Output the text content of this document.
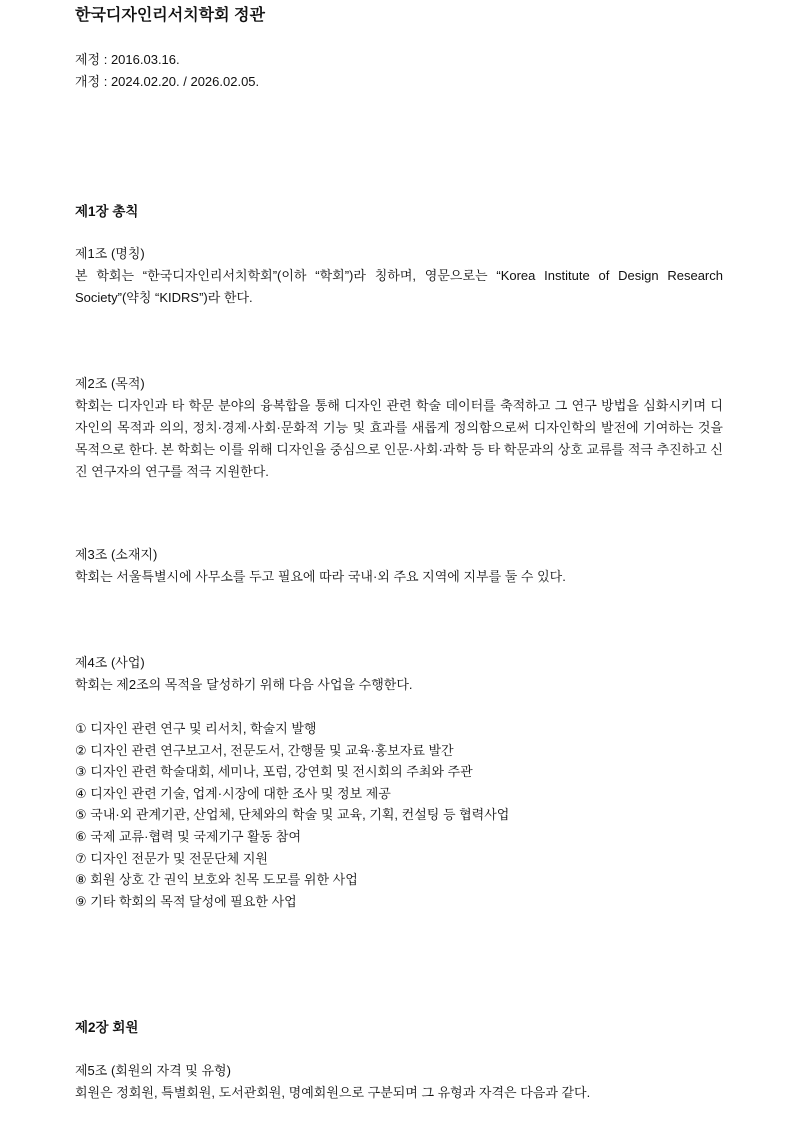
한국디자인리서치학회 정관
제정 : 2016.03.16.
개정 : 2024.02.20. / 2026.02.05.
제1장 총칙
제1조 (명칭)
본 학회는 “한국디자인리서치학회”(이하 “학회”)라 칭하며, 영문으로는 “Korea Institute of Design Research Society”(약칭 “KIDRS”)라 한다.
제2조 (목적)
학회는 디자인과 타 학문 분야의 융복합을 통해 디자인 관련 학술 데이터를 축적하고 그 연구 방법을 심화시키며 디자인의 목적과 의의, 정치·경제·사회·문화적 기능 및 효과를 새롭게 정의함으로써 디자인학의 발전에 기여하는 것을 목적으로 한다. 본 학회는 이를 위해 디자인을 중심으로 인문·사회·과학 등 타 학문과의 상호 교류를 적극 추진하고 신진 연구자의 연구를 적극 지원한다.
제3조 (소재지)
학회는 서울특별시에 사무소를 두고 필요에 따라 국내·외 주요 지역에 지부를 둘 수 있다.
제4조 (사업)
학회는 제2조의 목적을 달성하기 위해 다음 사업을 수행한다.
① 디자인 관련 연구 및 리서치, 학술지 발행
② 디자인 관련 연구보고서, 전문도서, 간행물 및 교육·홍보자료 발간
③ 디자인 관련 학술대회, 세미나, 포럼, 강연회 및 전시회의 주최와 주관
④ 디자인 관련 기술, 업계·시장에 대한 조사 및 정보 제공
⑤ 국내·외 관계기관, 산업체, 단체와의 학술 및 교육, 기획, 컨설팅 등 협력사업
⑥ 국제 교류·협력 및 국제기구 활동 참여
⑦ 디자인 전문가 및 전문단체 지원
⑧ 회원 상호 간 권익 보호와 친목 도모를 위한 사업
⑨ 기타 학회의 목적 달성에 필요한 사업
제2장 회원
제5조 (회원의 자격 및 유형)
회원은 정회원, 특별회원, 도서관회원, 명예회원으로 구분되며 그 유형과 자격은 다음과 같다.
